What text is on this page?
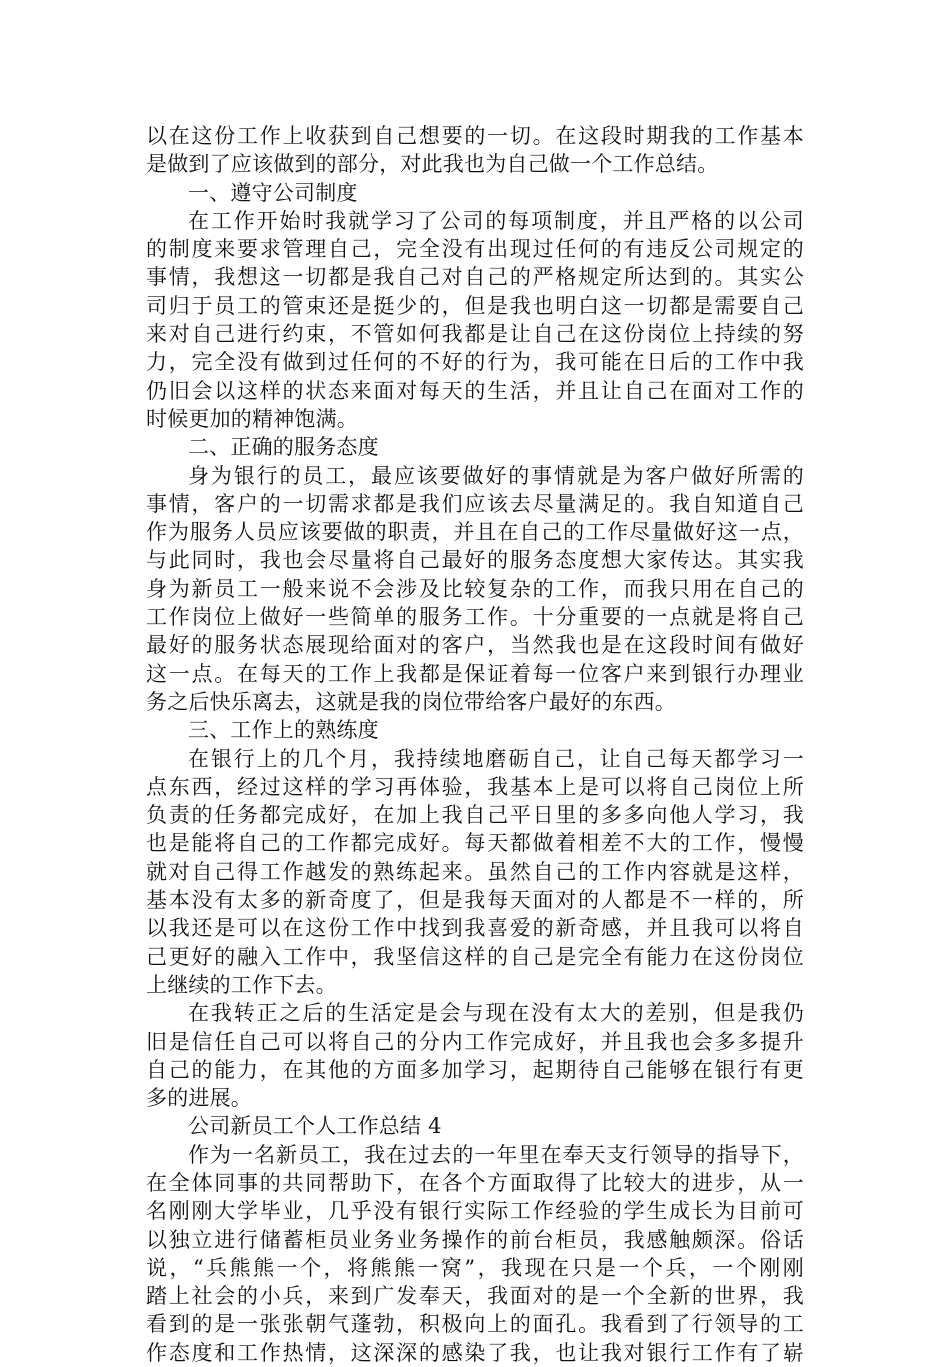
以在这份工作上收获到自己想要的一切。在这段时期我的工作基本
是做到了应该做到的部分，对此我也为自己做一个工作总结。
一、遵守公司制度
在工作开始时我就学习了公司的每项制度，并且严格的以公司
的制度来要求管理自己，完全没有出现过任何的有违反公司规定的
事情，我想这一切都是我自己对自己的严格规定所达到的。其实公
司归于员工的管束还是挺少的，但是我也明白这一切都是需要自己
来对自己进行约束，不管如何我都是让自己在这份岗位上持续的努
力，完全没有做到过任何的不好的行为，我可能在日后的工作中我
仍旧会以这样的状态来面对每天的生活，并且让自己在面对工作的
时候更加的精神饱满。
二、正确的服务态度
身为银行的员工，最应该要做好的事情就是为客户做好所需的
事情，客户的一切需求都是我们应该去尽量满足的。我自知道自己
作为服务人员应该要做的职责，并且在自己的工作尽量做好这一点，
与此同时，我也会尽量将自己最好的服务态度想大家传达。其实我
身为新员工一般来说不会涉及比较复杂的工作，而我只用在自己的
工作岗位上做好一些简单的服务工作。十分重要的一点就是将自己
最好的服务状态展现给面对的客户，当然我也是在这段时间有做好
这一点。在每天的工作上我都是保证着每一位客户来到银行办理业
务之后快乐离去，这就是我的岗位带给客户最好的东西。
三、工作上的熟练度
在银行上的几个月，我持续地磨砺自己，让自己每天都学习一
点东西，经过这样的学习再体验，我基本上是可以将自己岗位上所
负责的任务都完成好，在加上我自己平日里的多多向他人学习，我
也是能将自己的工作都完成好。每天都做着相差不大的工作，慢慢
就对自己得工作越发的熟练起来。虽然自己的工作内容就是这样，
基本没有太多的新奇度了，但是我每天面对的人都是不一样的，所
以我还是可以在这份工作中找到我喜爱的新奇感，并且我可以将自
己更好的融入工作中，我坚信这样的自己是完全有能力在这份岗位
上继续的工作下去。
在我转正之后的生活定是会与现在没有太大的差别，但是我仍
旧是信任自己可以将自己的分内工作完成好，并且我也会多多提升
自己的能力，在其他的方面多加学习，起期待自己能够在银行有更
多的进展。
公司新员工个人工作总结 4
作为一名新员工，我在过去的一年里在奉天支行领导的指导下，
在全体同事的共同帮助下，在各个方面取得了比较大的进步，从一
名刚刚大学毕业，几乎没有银行实际工作经验的学生成长为目前可
以独立进行储蓄柜员业务业务操作的前台柜员，我感触颇深。俗话
说，“兵熊熊一个，将熊熊一窝”，我现在只是一个兵，一个刚刚
踏上社会的小兵，来到广发奉天，我面对的是一个全新的世界，我
看到的是一张张朝气蓬勃，积极向上的面孔。我看到了行领导的工
作态度和工作热情，这深深的感染了我，也让我对银行工作有了崭
